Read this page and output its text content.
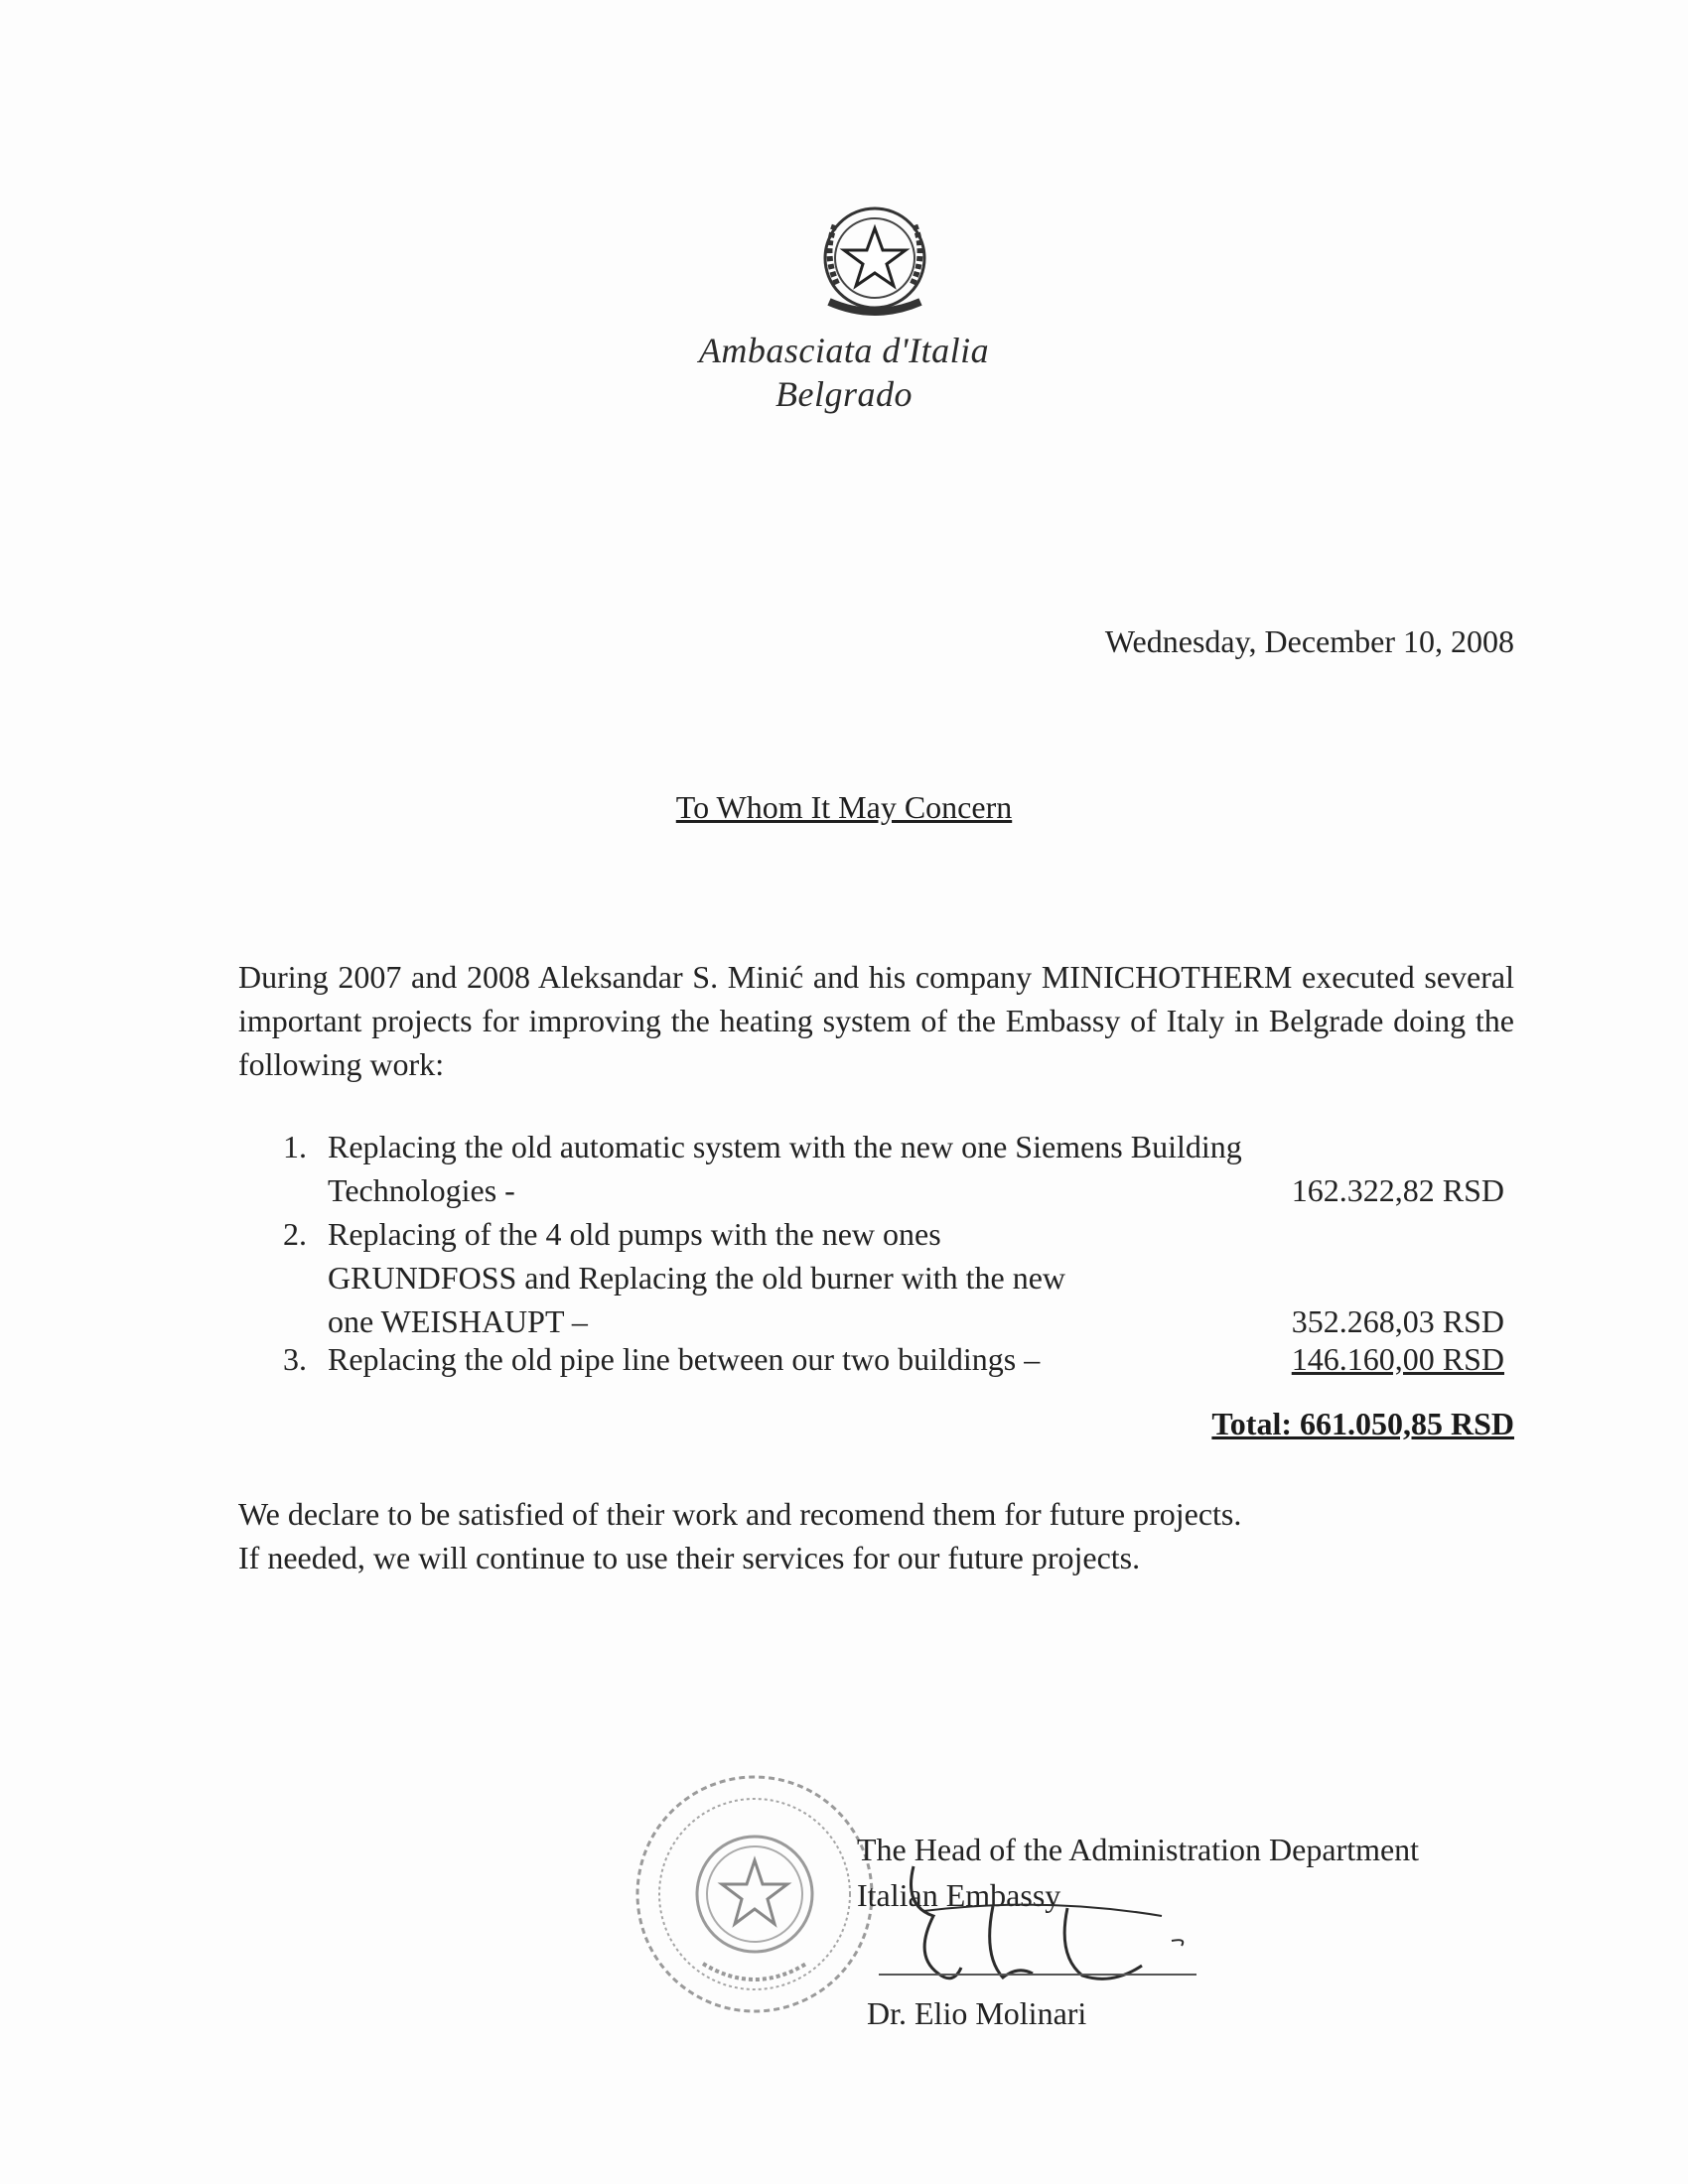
Ambasciata d'Italia
Belgrado
Wednesday, December 10, 2008
To Whom It May Concern
During 2007 and 2008 Aleksandar S. Minić and his company MINICHOTHERM executed several important projects for improving the heating system of the Embassy of Italy in Belgrade doing the following work:
1. Replacing the old automatic system with the new one Siemens Building
Technologies -	162.322,82 RSD
2. Replacing of the 4 old pumps with the new ones
GRUNDFOSS and Replacing the old burner with the new
one WEISHAUPT –	352.268,03 RSD
3. Replacing the old pipe line between our two buildings –	146.160,00 RSD
Total: 661.050,85 RSD
We declare to be satisfied of their work and recomend them for future projects.
If needed, we will continue to use their services for our future projects.
The Head of the Administration Department
Italian Embassy
Dr. Elio Molinari
